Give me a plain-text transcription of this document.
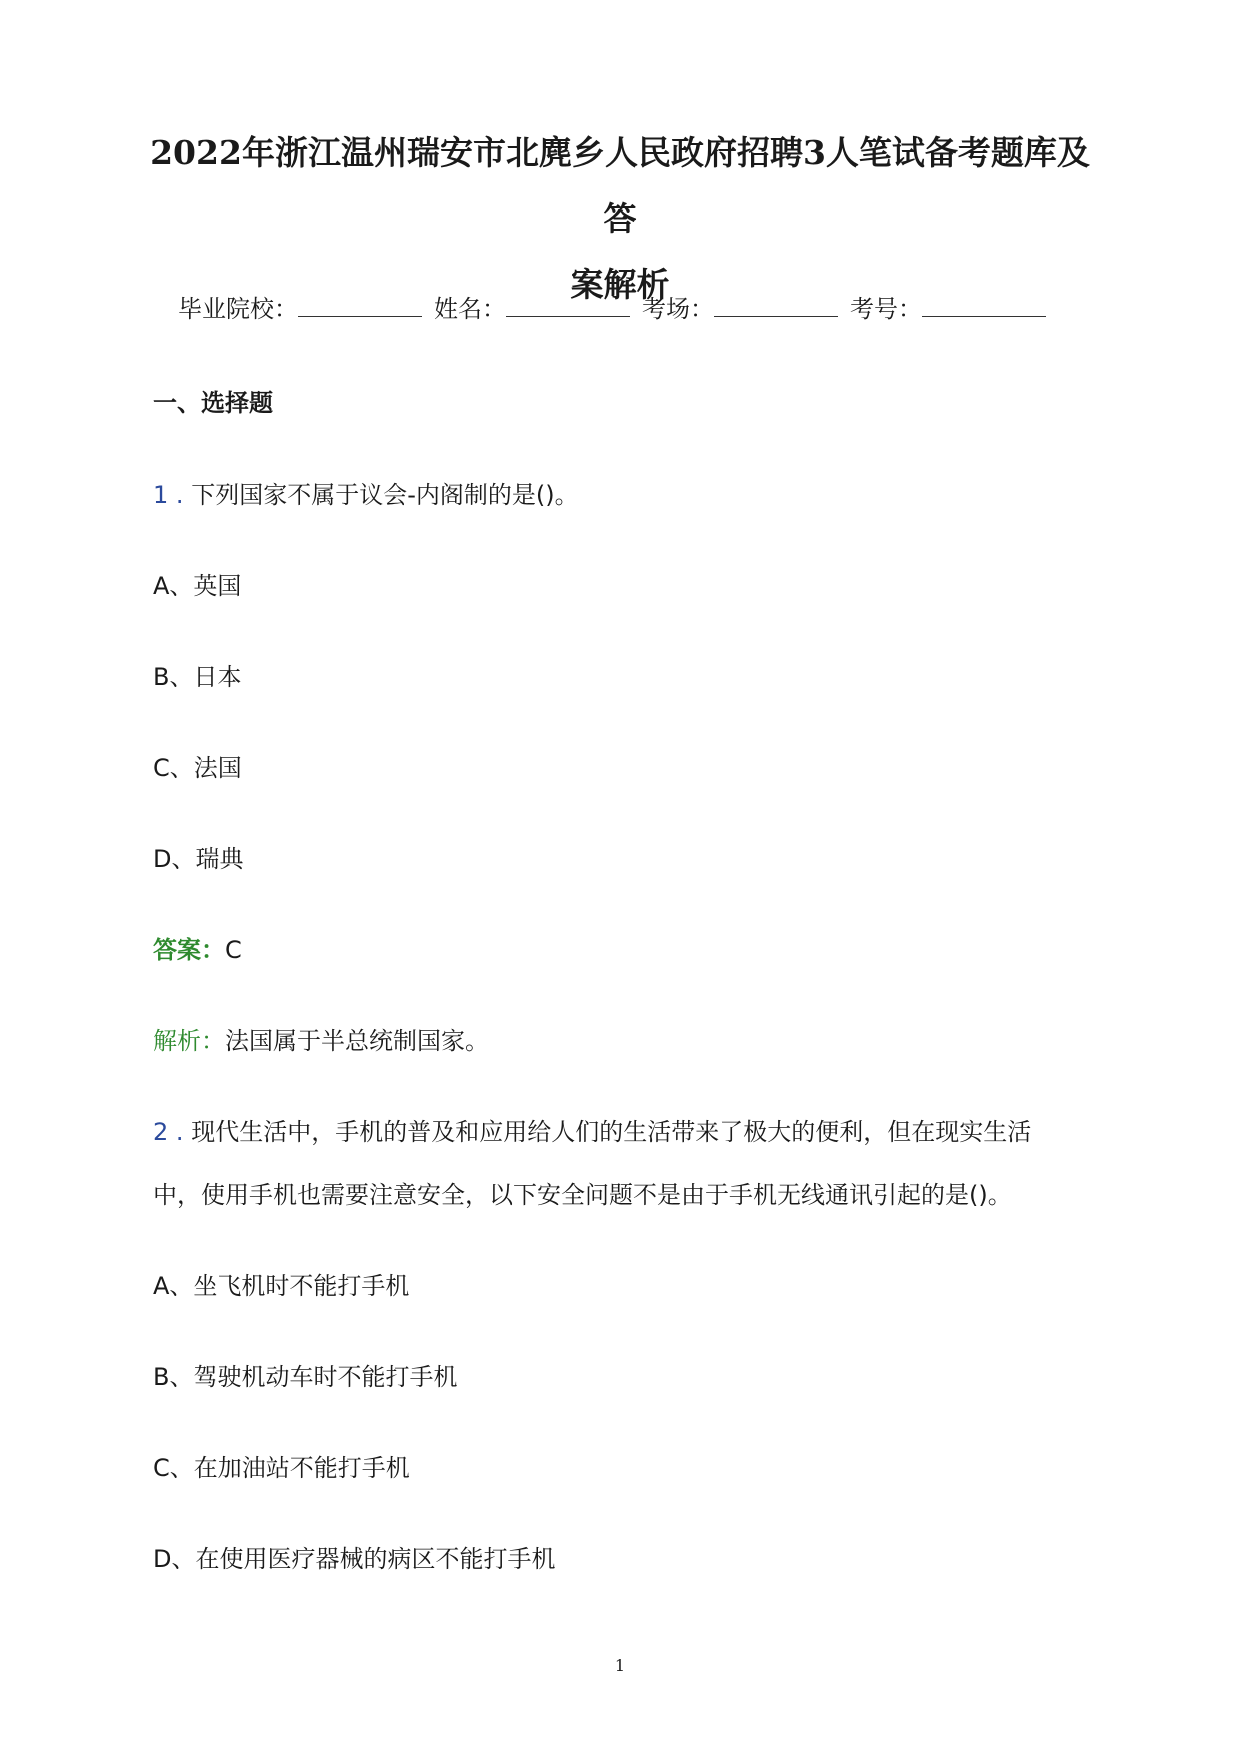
2022年浙江温州瑞安市北麂乡人民政府招聘3人笔试备考题库及答
案解析
毕业院校：	姓名：	考场：	考号：
一、选择题
1 . 下列国家不属于议会-内阁制的是()。
A、英国
B、日本
C、法国
D、瑞典
答案：C
解析：法国属于半总统制国家。
2 . 现代生活中，手机的普及和应用给人们的生活带来了极大的便利，但在现实生活
中，使用手机也需要注意安全，以下安全问题不是由于手机无线通讯引起的是()。
A、坐飞机时不能打手机
B、驾驶机动车时不能打手机
C、在加油站不能打手机
D、在使用医疗器械的病区不能打手机
1
